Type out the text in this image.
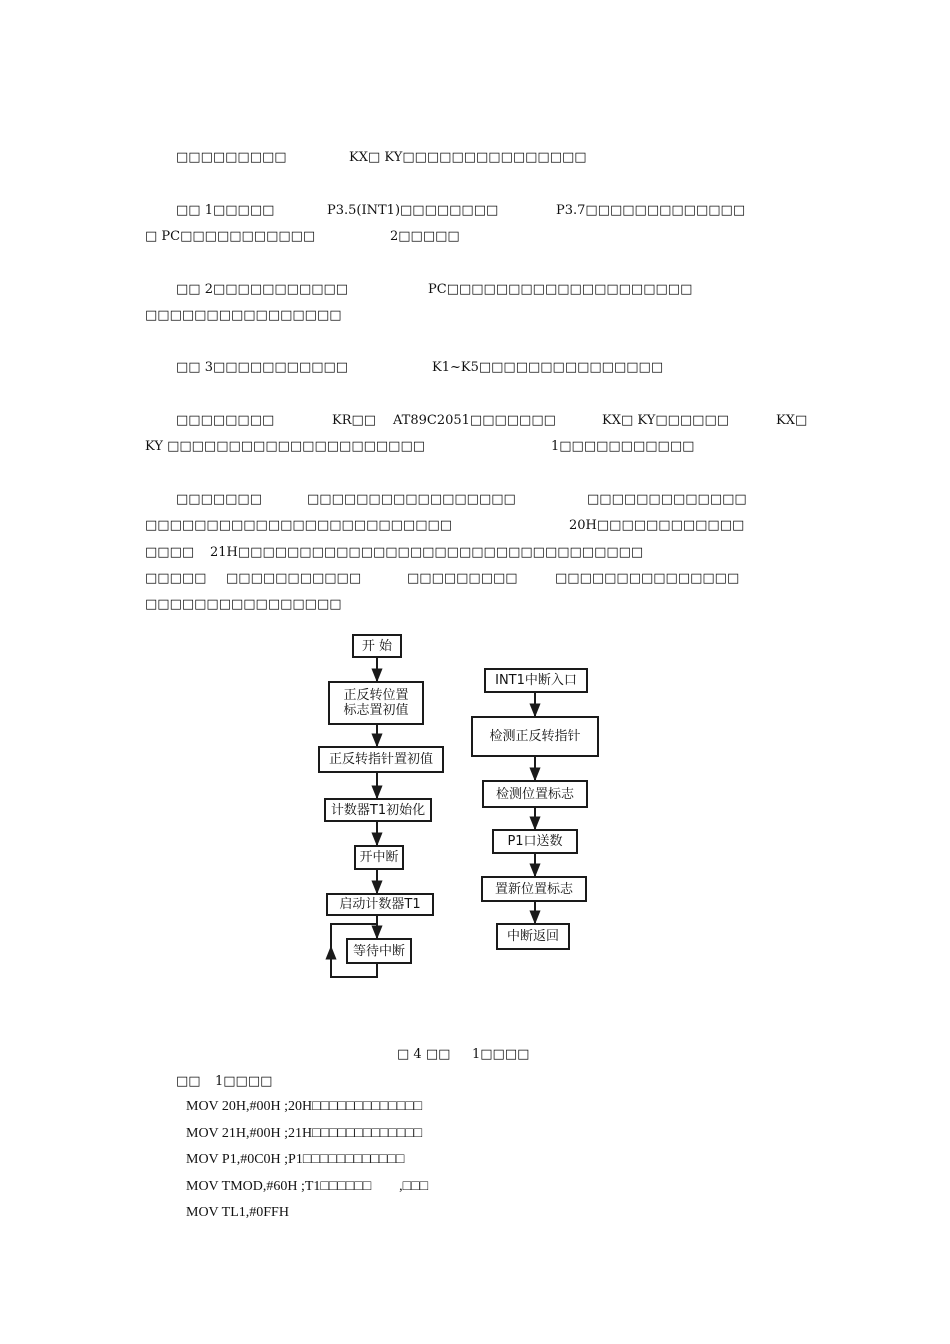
□□□□□□□□□	KX□ KY□□□□□□□□□□□□□□□
□□ 1□□□□□	P3.5(INT1)□□□□□□□□	P3.7□□□□□□□□□□□□□
□ PC□□□□□□□□□□□	2□□□□□
□□ 2□□□□□□□□□□□	PC□□□□□□□□□□□□□□□□□□□□
□□□□□□□□□□□□□□□□
□□ 3□□□□□□□□□□□	K1~K5□□□□□□□□□□□□□□□
□□□□□□□□	KR□□ AT89C2051□□□□□□□	KX□ KY□□□□□□	KX□
KY □□□□□□□□□□□□□□□□□□□□□	1□□□□□□□□□□□
□□□□□□□	□□□□□□□□□□□□□□□□□	□□□□□□□□□□□□□
□□□□□□□□□□□□□□□□□□□□□□□□□	20H□□□□□□□□□□□□
□□□□ 21H□□□□□□□□□□□□□□□□□□□□□□□□□□□□□□□□□
□□□□□ □□□□□□□□□□□	□□□□□□□□□	□□□□□□□□□□□□□□□
□□□□□□□□□□□□□□□□
开 始
正反转位置
标志置初值
正反转指针置初值
计数器T1初始化
开中断
启动计数器T1
等待中断
INT1中断入口
检测正反转指针
检测位置标志
P1口送数
置新位置标志
中断返回
□ 4 □□ 1□□□□
□□ 1□□□□
MOV 20H,#00H ;20H□□□□□□□□□□□□□
MOV 21H,#00H ;21H□□□□□□□□□□□□□
MOV P1,#0C0H ;P1□□□□□□□□□□□□
MOV TMOD,#60H ;T1□□□□□□        ,□□□
MOV TL1,#0FFH
